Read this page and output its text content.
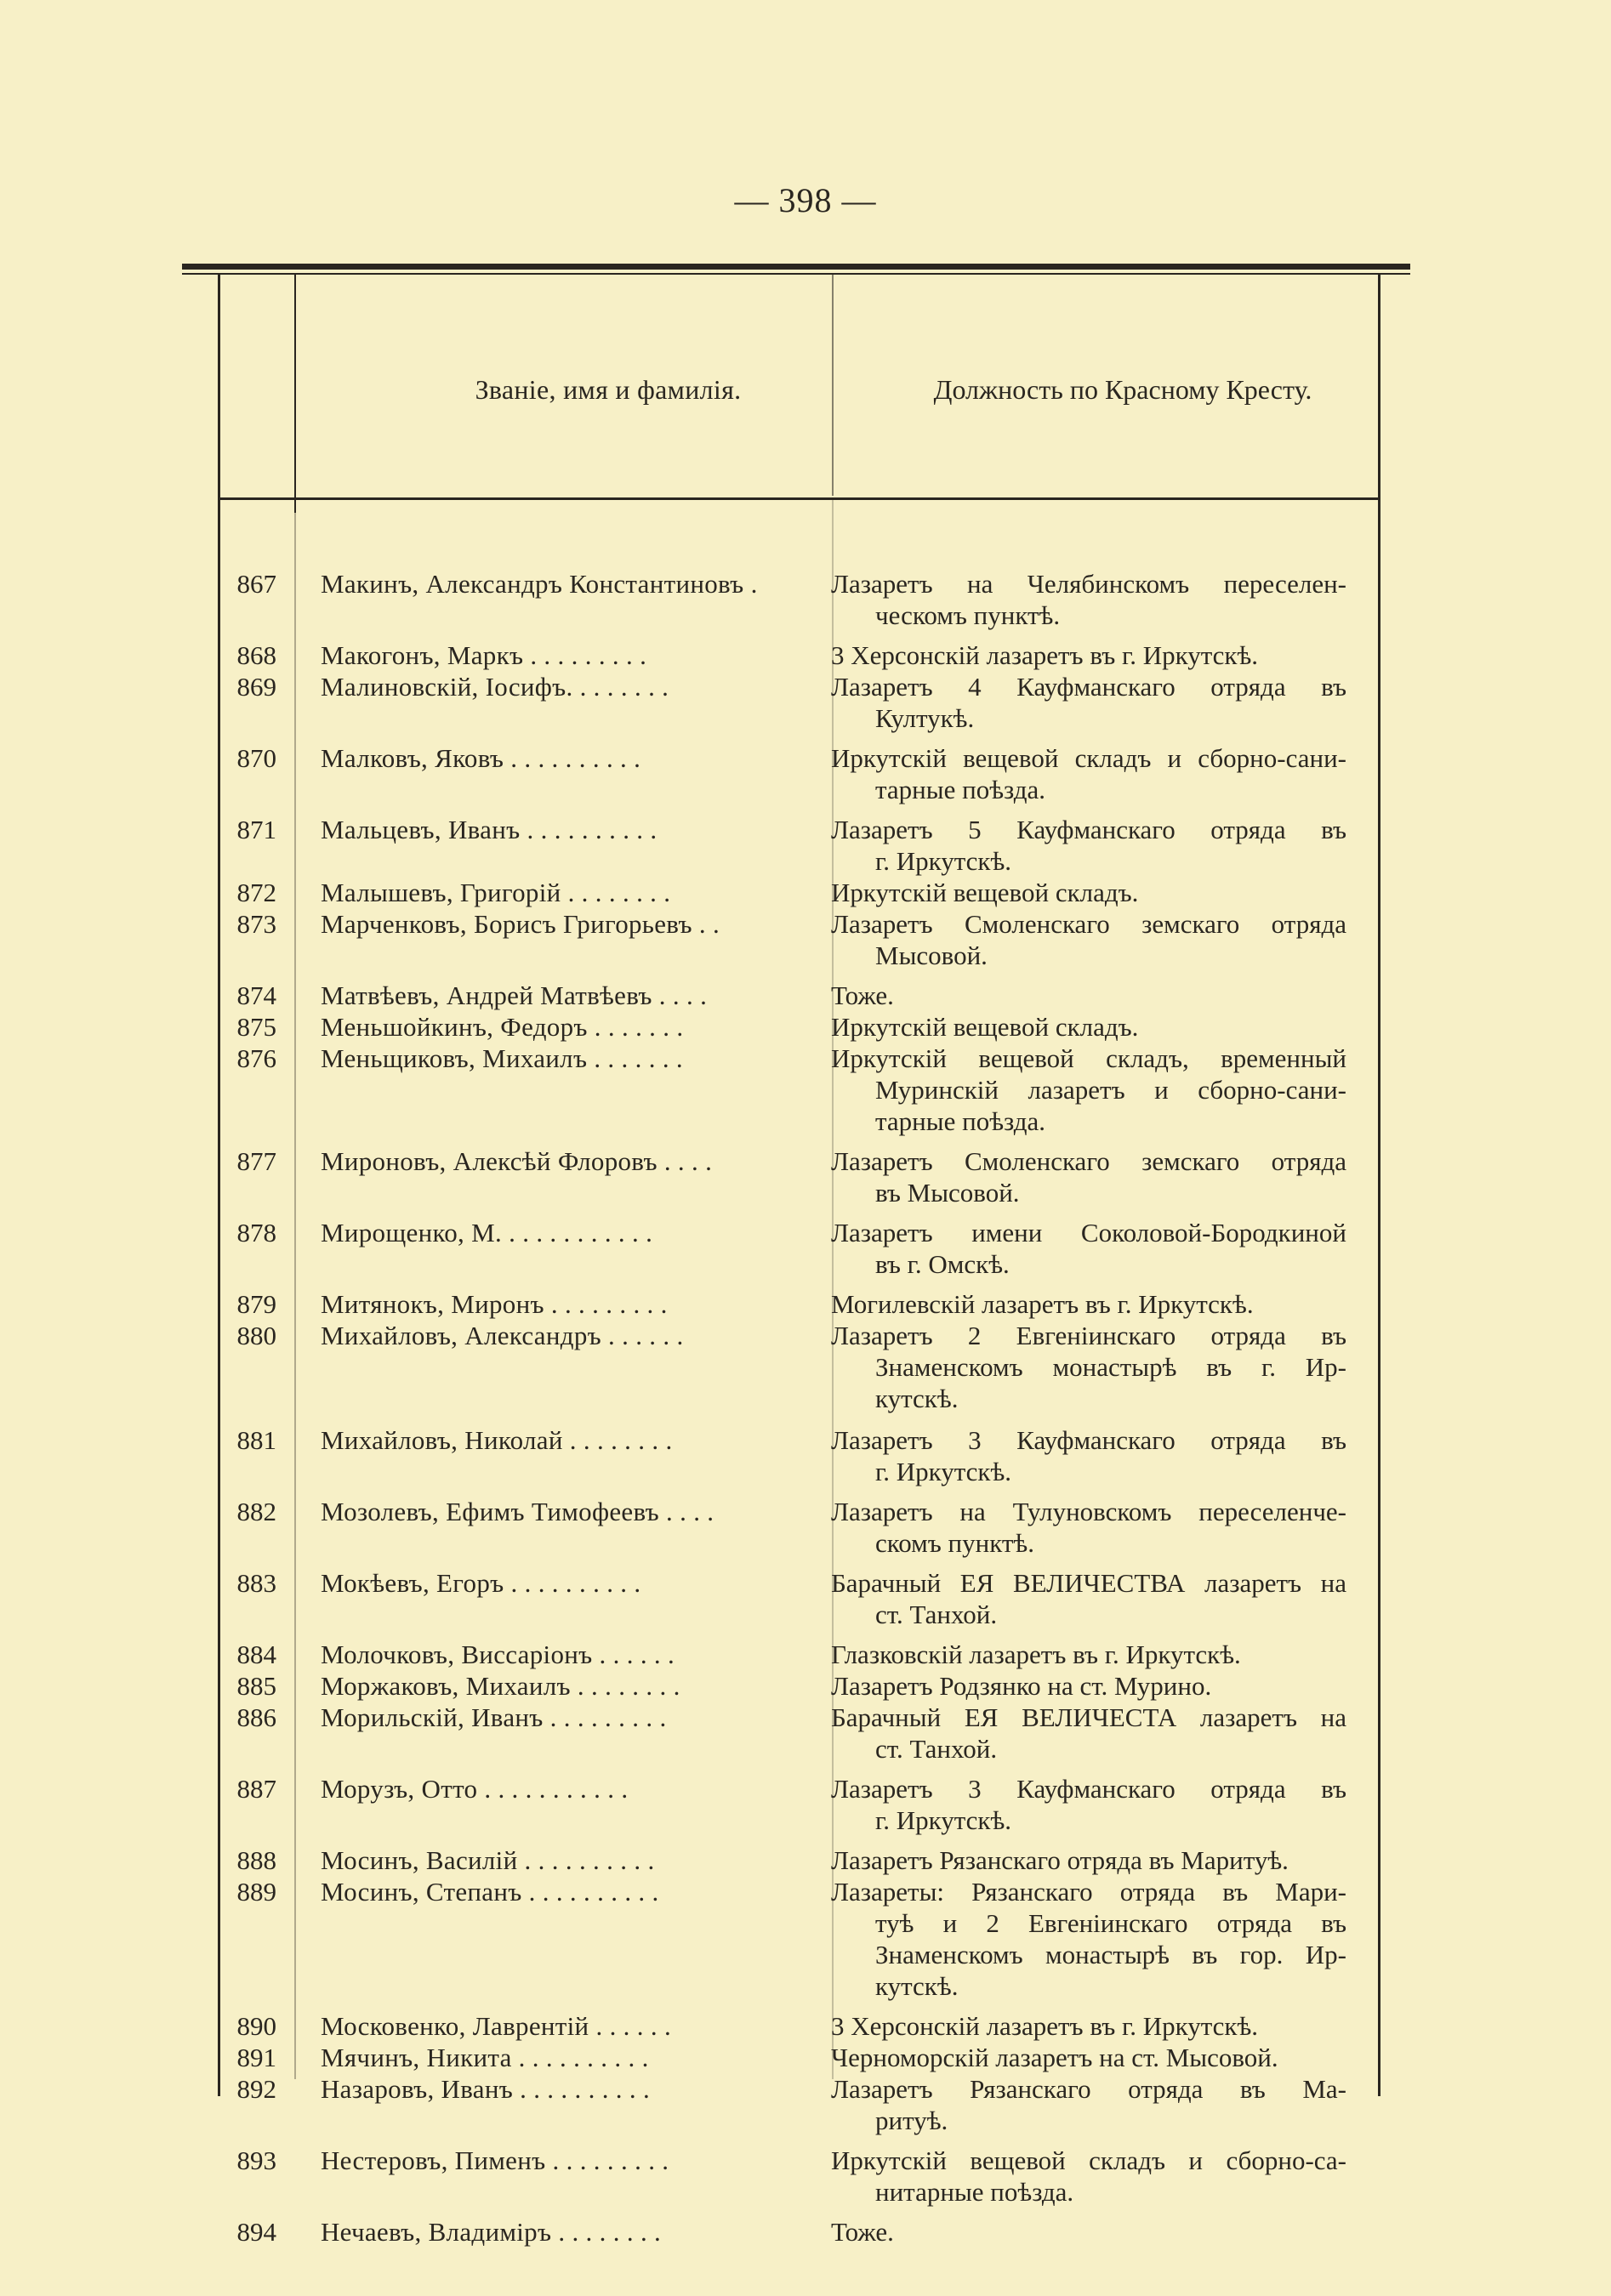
— 398 —
Званіе, имя и фамилія.	Должность по Красному Кресту.
867 Макинъ, Александръ Константиновъ .	Лазаретъ на Челябинскомъ переселен-
ческомъ пунктѣ.
868 Макогонъ, Маркъ . . . . . . . . .	3 Херсонскій лазаретъ въ г. Иркутскѣ.
869 Малиновскій, Іосифъ. . . . . . . .	Лазаретъ 4 Кауфманскаго отряда въ
Култукѣ.
870 Малковъ, Яковъ . . . . . . . . . .	Иркутскій вещевой складъ и сборно-сани-
тарные поѣзда.
871 Мальцевъ, Иванъ . . . . . . . . . .	Лазаретъ 5 Кауфманскаго отряда въ
г. Иркутскѣ.
872 Малышевъ, Григорій . . . . . . . .	Иркутскій вещевой складъ.
873 Марченковъ, Борисъ Григорьевъ . .	Лазаретъ Смоленскаго земскаго отряда
Мысовой.
874 Матвѣевъ, Андрей Матвѣевъ . . . .	Тоже.
875 Меньшойкинъ, Федоръ . . . . . . .	Иркутскій вещевой складъ.
876 Меньщиковъ, Михаилъ . . . . . . .	Иркутскій вещевой складъ, временный
Муринскій лазаретъ и сборно-сани-
тарные поѣзда.
877 Мироновъ, Алексѣй Флоровъ . . . .	Лазаретъ Смоленскаго земскаго отряда
въ Мысовой.
878 Мирощенко, М. . . . . . . . . . . .	Лазаретъ имени Соколовой-Бородкиной
въ г. Омскѣ.
879 Митянокъ, Миронъ . . . . . . . . .	Могилевскій лазаретъ въ г. Иркутскѣ.
880 Михайловъ, Александръ . . . . . .	Лазаретъ 2 Евгеніинскаго отряда въ
Знаменскомъ монастырѣ въ г. Ир-
кутскѣ.
881 Михайловъ, Николай . . . . . . . .	Лазаретъ 3 Кауфманскаго отряда въ
г. Иркутскѣ.
882 Мозолевъ, Ефимъ Тимофеевъ . . . .	Лазаретъ на Тулуновскомъ переселенче-
скомъ пунктѣ.
883 Мокѣевъ, Егоръ . . . . . . . . . .	Барачный ЕЯ ВЕЛИЧЕСТВА лазаретъ на
ст. Танхой.
884 Молочковъ, Виссаріонъ . . . . . .	Глазковскій лазаретъ въ г. Иркутскѣ.
885 Моржаковъ, Михаилъ . . . . . . . .	Лазаретъ Родзянко на ст. Мурино.
886 Морильскій, Иванъ . . . . . . . . .	Барачный ЕЯ ВЕЛИЧЕСТА лазаретъ на
ст. Танхой.
887 Морузъ, Отто . . . . . . . . . . .	Лазаретъ 3 Кауфманскаго отряда въ
г. Иркутскѣ.
888 Мосинъ, Василій . . . . . . . . . .	Лазаретъ Рязанскаго отряда въ Маритуѣ.
889 Мосинъ, Степанъ . . . . . . . . . .	Лазареты: Рязанскаго отряда въ Мари-
туѣ и 2 Евгеніинскаго отряда въ
Знаменскомъ монастырѣ въ гор. Ир-
кутскѣ.
890 Московенко, Лаврентій . . . . . .	3 Херсонскій лазаретъ въ г. Иркутскѣ.
891 Мячинъ, Никита . . . . . . . . . .	Черноморскій лазаретъ на ст. Мысовой.
892 Назаровъ, Иванъ . . . . . . . . . .	Лазаретъ Рязанскаго отряда въ Ма-
ритуѣ.
893 Нестеровъ, Пименъ . . . . . . . . .	Иркутскій вещевой складъ и сборно-са-
нитарные поѣзда.
894 Нечаевъ, Владиміръ . . . . . . . .	Тоже.
